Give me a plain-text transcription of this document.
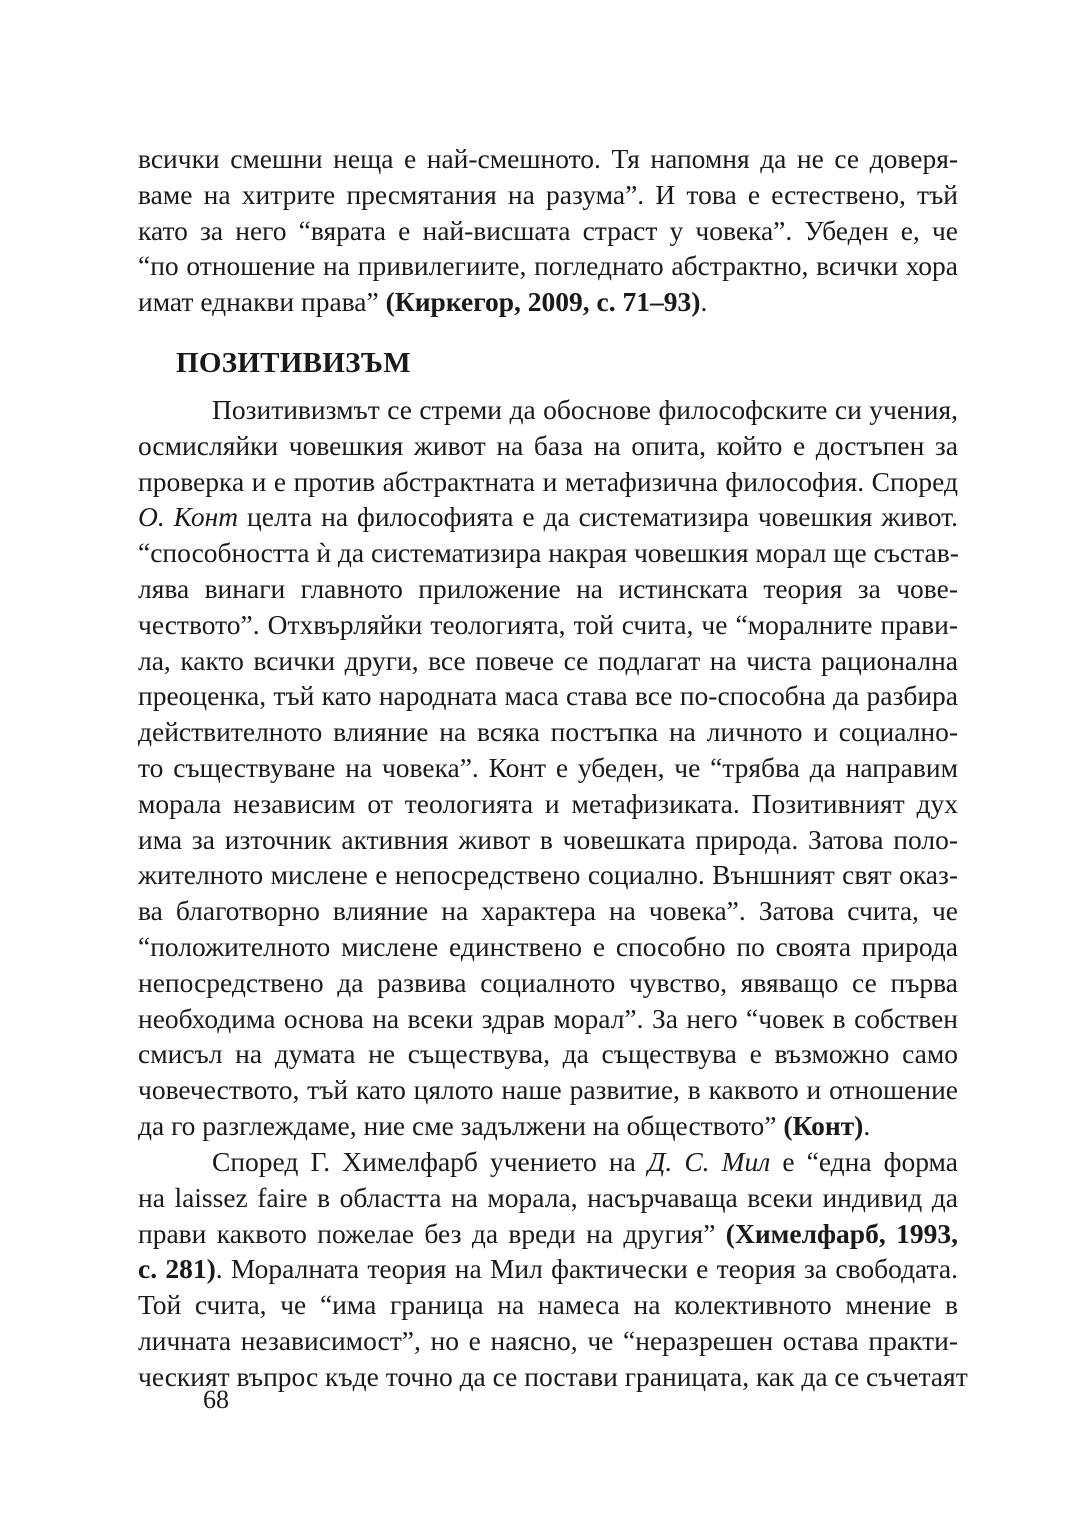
всички смешни неща е най-смешното. Тя напомня да не се доверя-
ваме на хитрите пресмятания на разума”. И това е естествено, тъй
като за него “вярата е най-висшата страст у човека”. Убеден е, че
“по отношение на привилегиите, погледнато абстрактно, всички хора
имат еднакви права” (Киркегор, 2009, с. 71–93).
ПОЗИТИВИЗЪМ
Позитивизмът се стреми да обоснове философските си учения,
осмисляйки човешкия живот на база на опита, който е достъпен за
проверка и е против абстрактната и метафизична философия. Според
О. Конт целта на философията е да систематизира човешкия живот.
“способността ѝ да систематизира накрая човешкия морал ще състав-
лява винаги главното приложение на истинската теория за чове-
чеството”. Отхвърляйки теологията, той счита, че “моралните прави-
ла, както всички други, все повече се подлагат на чиста рационална
преоценка, тъй като народната маса става все по-способна да разбира
действителното влияние на всяка постъпка на личното и социално-
то съществуване на човека”. Конт е убеден, че “трябва да направим
морала независим от теологията и метафизиката. Позитивният дух
има за източник активния живот в човешката природа. Затова поло-
жителното мислене е непосредствено социално. Външният свят оказ-
ва благотворно влияние на характера на човека”. Затова счита, че
“положителното мислене единствено е способно по своята природа
непосредствено да развива социалното чувство, явяващо се първа
необходима основа на всеки здрав морал”. За него “човек в собствен
смисъл на думата не съществува, да съществува е възможно само
човечеството, тъй като цялото наше развитие, в каквото и отношение
да го разглеждаме, ние сме задължени на обществото” (Конт).
Според Г. Химелфарб учението на Д. С. Мил е “една форма
на laissez faire в областта на морала, насърчаваща всеки индивид да
прави каквото пожелае без да вреди на другия” (Химелфарб, 1993,
с. 281). Моралната теория на Мил фактически е теория за свободата.
Той счита, че “има граница на намеса на колективното мнение в
личната независимост”, но е наясно, че “неразрешен остава практи-
ческият въпрос къде точно да се постави границата, как да се съчетаят
68
